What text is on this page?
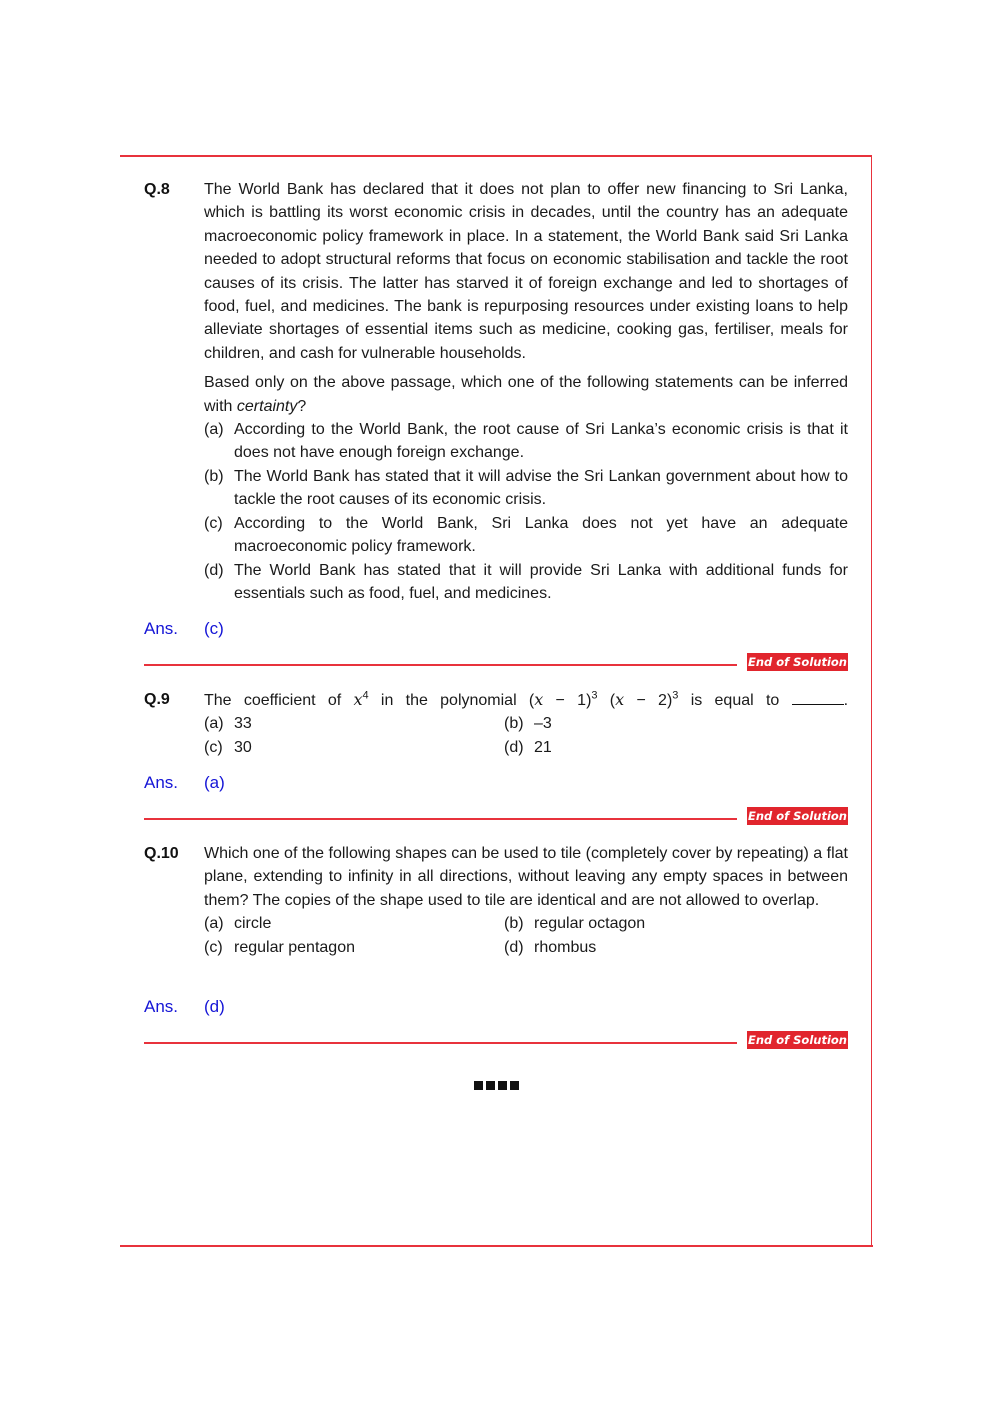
Q.8 The World Bank has declared that it does not plan to offer new financing to Sri Lanka, which is battling its worst economic crisis in decades, until the country has an adequate macroeconomic policy framework in place. In a statement, the World Bank said Sri Lanka needed to adopt structural reforms that focus on economic stabilisation and tackle the root causes of its crisis. The latter has starved it of foreign exchange and led to shortages of food, fuel, and medicines. The bank is repurposing resources under existing loans to help alleviate shortages of essential items such as medicine, cooking gas, fertiliser, meals for children, and cash for vulnerable households.

Based only on the above passage, which one of the following statements can be inferred with certainty?

(a) According to the World Bank, the root cause of Sri Lanka’s economic crisis is that it does not have enough foreign exchange.
(b) The World Bank has stated that it will advise the Sri Lankan government about how to tackle the root causes of its economic crisis.
(c) According to the World Bank, Sri Lanka does not yet have an adequate macroeconomic policy framework.
(d) The World Bank has stated that it will provide Sri Lanka with additional funds for essentials such as food, fuel, and medicines.
Ans. (c)
End of Solution
Q.9 The coefficient of $x^4$ in the polynomial $(x - 1)^3$ $(x - 2)^3$ is equal to	.

(a) 33	(b) –3
(c) 30	(d) 21
Ans. (a)
End of Solution
Q.10 Which one of the following shapes can be used to tile (completely cover by repeating) a flat plane, extending to infinity in all directions, without leaving any empty spaces in between them? The copies of the shape used to tile are identical and are not allowed to overlap.

(a) circle	(b) regular octagon
(c) regular pentagon	(d) rhombus
Ans. (d)
End of Solution
